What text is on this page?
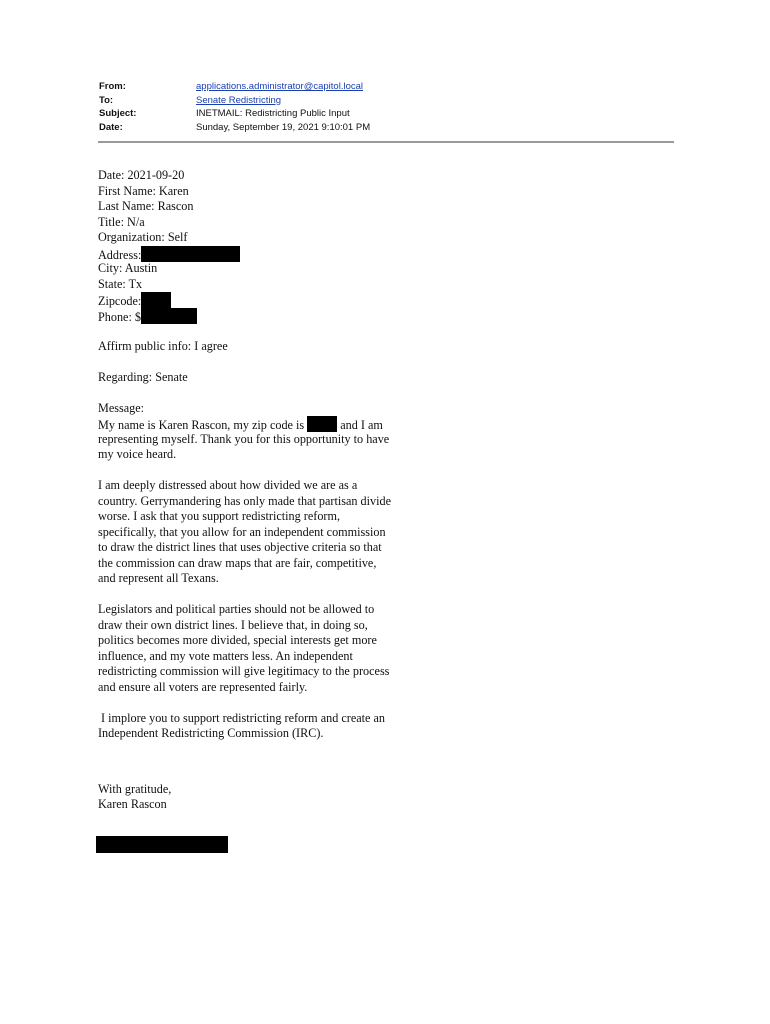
From:	applications.administrator@capitol.local
To:	Senate Redistricting
Subject:	INETMAIL: Redistricting Public Input
Date:	Sunday, September 19, 2021 9:10:01 PM
Date: 2021-09-20
First Name: Karen
Last Name: Rascon
Title: N/a
Organization: Self
Address:
City: Austin
State: Tx
Zipcode:
Phone: $
Affirm public info: I agree
Regarding: Senate
Message:
My name is Karen Rascon, my zip code is	and I am
representing myself. Thank you for this opportunity to have
my voice heard.
I am deeply distressed about how divided we are as a
country. Gerrymandering has only made that partisan divide
worse. I ask that you support redistricting reform,
specifically, that you allow for an independent commission
to draw the district lines that uses objective criteria so that
the commission can draw maps that are fair, competitive,
and represent all Texans.
Legislators and political parties should not be allowed to
draw their own district lines. I believe that, in doing so,
politics becomes more divided, special interests get more
influence, and my vote matters less. An independent
redistricting commission will give legitimacy to the process
and ensure all voters are represented fairly.
I implore you to support redistricting reform and create an
Independent Redistricting Commission (IRC).
With gratitude,
Karen Rascon
